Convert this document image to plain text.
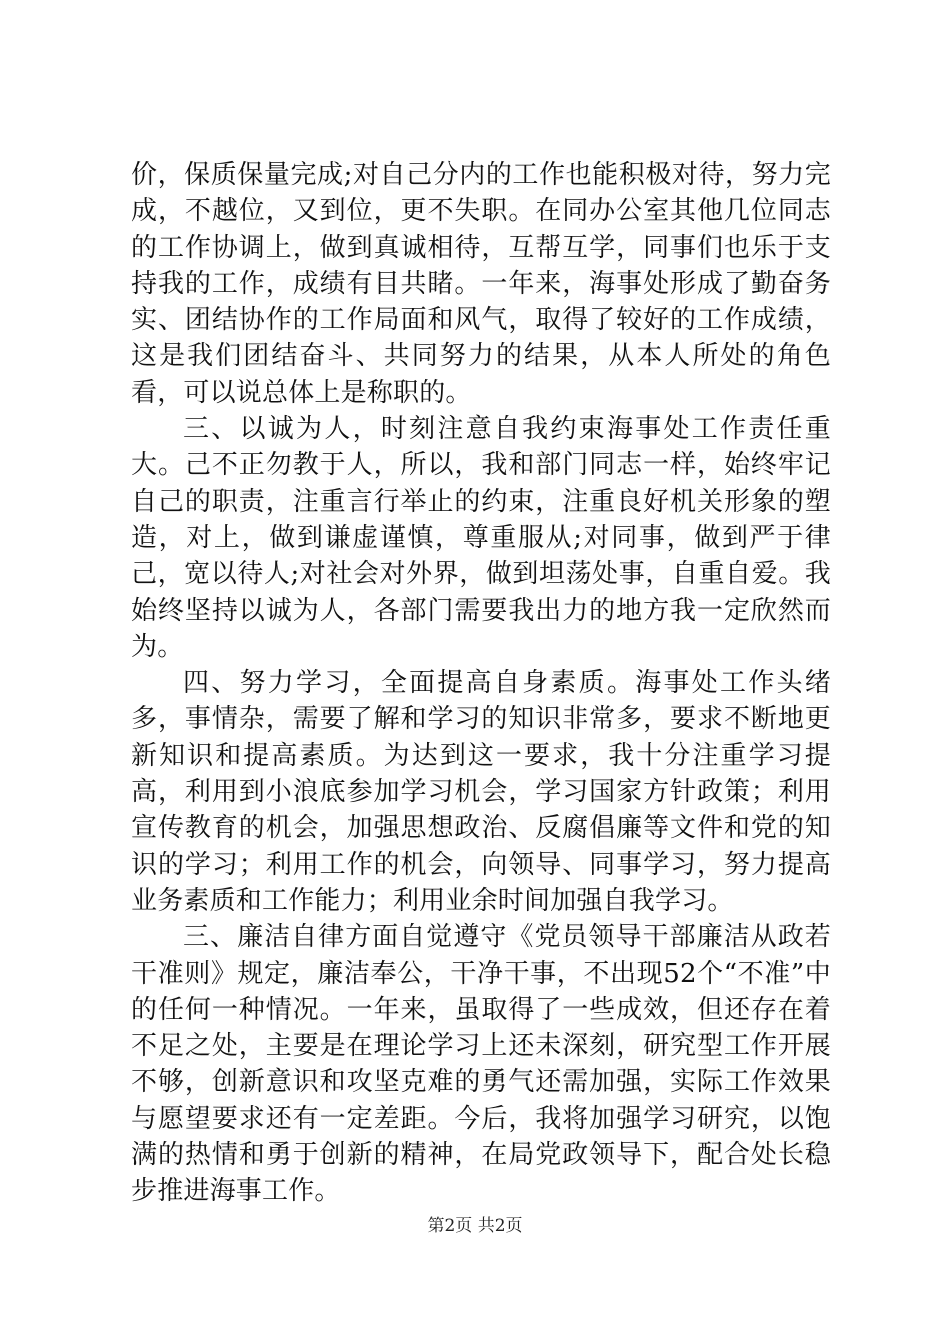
价，保质保量完成;对自己分内的工作也能积极对待，努力完成，不越位，又到位，更不失职。在同办公室其他几位同志的工作协调上，做到真诚相待，互帮互学，同事们也乐于支持我的工作，成绩有目共睹。一年来，海事处形成了勤奋务实、团结协作的工作局面和风气，取得了较好的工作成绩，这是我们团结奋斗、共同努力的结果，从本人所处的角色看，可以说总体上是称职的。

三、以诚为人，时刻注意自我约束海事处工作责任重大。己不正勿教于人，所以，我和部门同志一样，始终牢记自己的职责，注重言行举止的约束，注重良好机关形象的塑造，对上，做到谦虚谨慎，尊重服从;对同事，做到严于律己，宽以待人;对社会对外界，做到坦荡处事，自重自爱。我始终坚持以诚为人，各部门需要我出力的地方我一定欣然而为。

四、努力学习，全面提高自身素质。海事处工作头绪多，事情杂，需要了解和学习的知识非常多，要求不断地更新知识和提高素质。为达到这一要求，我十分注重学习提高，利用到小浪底参加学习机会，学习国家方针政策；利用宣传教育的机会，加强思想政治、反腐倡廉等文件和党的知识的学习；利用工作的机会，向领导、同事学习，努力提高业务素质和工作能力；利用业余时间加强自我学习。

三、廉洁自律方面自觉遵守《党员领导干部廉洁从政若干准则》规定，廉洁奉公，干净干事，不出现52个“不准”中的任何一种情况。一年来，虽取得了一些成效，但还存在着不足之处，主要是在理论学习上还未深刻，研究型工作开展不够，创新意识和攻坚克难的勇气还需加强，实际工作效果与愿望要求还有一定差距。今后，我将加强学习研究，以饱满的热情和勇于创新的精神，在局党政领导下，配合处长稳步推进海事工作。

第2页 共2页
